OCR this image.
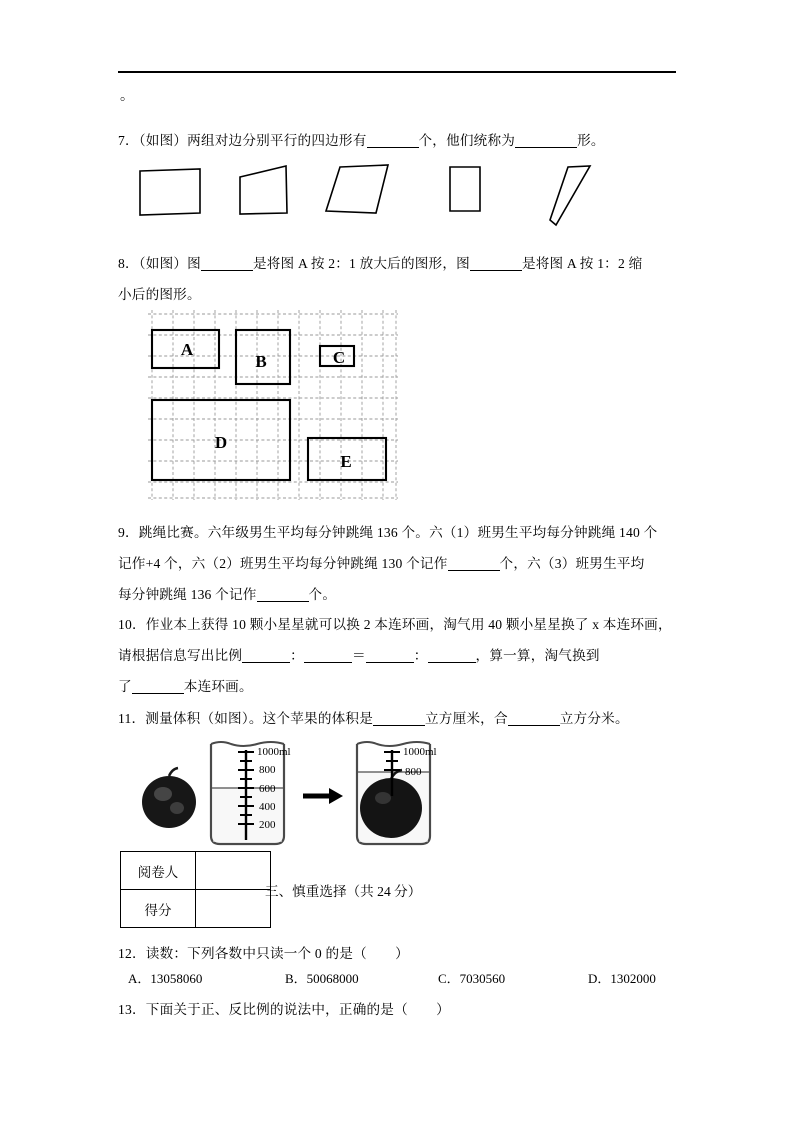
。
7．（如图）两组对边分别平行的四边形有	个，他们统称为	形。
8．（如图）图	是将图 A 按 2：1 放大后的图形，图	是将图 A 按 1：2 缩
小后的图形。
A
B	C
D
E
9．跳绳比赛。六年级男生平均每分钟跳绳 136 个。六（1）班男生平均每分钟跳绳 140 个
记作+4 个，六（2）班男生平均每分钟跳绳 130 个记作	个，六（3）班男生平均
每分钟跳绳 136 个记作	个。
10．作业本上获得 10 颗小星星就可以换 2 本连环画，淘气用 40 颗小星星换了 x 本连环画，
请根据信息写出比例	：	＝	：	，算一算，淘气换到
了	本连环画。
11．测量体积（如图）。这个苹果的体积是	立方厘米，合	立方分米。
1000ml
800
600
400
200
1000ml
800
阅卷人	
得分	
三、慎重选择（共 24 分）
12．读数：下列各数中只读一个 0 的是（ ）
A．13058060	B．50068000	C．7030560	D．1302000
13．下面关于正、反比例的说法中，正确的是（ ）
